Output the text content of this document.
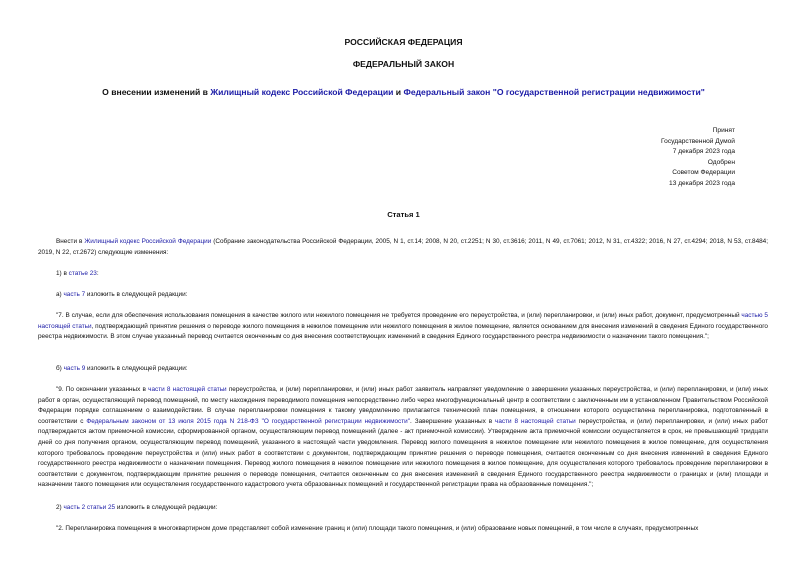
РОССИЙСКАЯ ФЕДЕРАЦИЯ
ФЕДЕРАЛЬНЫЙ ЗАКОН
О внесении изменений в Жилищный кодекс Российской Федерации и Федеральный закон "О государственной регистрации недвижимости"
Принят
Государственной Думой
7 декабря 2023 года
Одобрен
Советом Федерации
13 декабря 2023 года
Статья 1
Внести в Жилищный кодекс Российской Федерации (Собрание законодательства Российской Федерации, 2005, N 1, ст.14; 2008, N 20, ст.2251; N 30, ст.3616; 2011, N 49, ст.7061; 2012, N 31, ст.4322; 2016, N 27, ст.4294; 2018, N 53, ст.8484; 2019, N 22, ст.2672) следующие изменения:
1) в статье 23:
а) часть 7 изложить в следующей редакции:
"7. В случае, если для обеспечения использования помещения в качестве жилого или нежилого помещения не требуется проведение его переустройства, и (или) перепланировки, и (или) иных работ, документ, предусмотренный частью 5 настоящей статьи, подтверждающий принятие решения о переводе жилого помещения в нежилое помещение или нежилого помещения в жилое помещение, является основанием для внесения изменений в сведения Единого государственного реестра недвижимости. В этом случае указанный перевод считается оконченным со дня внесения соответствующих изменений в сведения Единого государственного реестра недвижимости о назначении такого помещения.";
б) часть 9 изложить в следующей редакции:
"9. По окончании указанных в части 8 настоящей статьи переустройства, и (или) перепланировки, и (или) иных работ заявитель направляет уведомление о завершении указанных переустройства, и (или) перепланировки, и (или) иных работ в орган, осуществляющий перевод помещений, по месту нахождения переводимого помещения непосредственно либо через многофункциональный центр в соответствии с заключенным им в установленном Правительством Российской Федерации порядке соглашением о взаимодействии. В случае перепланировки помещения к такому уведомлению прилагается технический план помещения, в отношении которого осуществлена перепланировка, подготовленный в соответствии с Федеральным законом от 13 июля 2015 года N 218-ФЗ "О государственной регистрации недвижимости". Завершение указанных в части 8 настоящей статьи переустройства, и (или) перепланировки, и (или) иных работ подтверждается актом приемочной комиссии, сформированной органом, осуществляющим перевод помещений (далее - акт приемочной комиссии). Утверждение акта приемочной комиссии осуществляется в срок, не превышающий тридцати дней со дня получения органом, осуществляющим перевод помещений, указанного в настоящей части уведомления. Перевод жилого помещения в нежилое помещение или нежилого помещения в жилое помещение, для осуществления которого требовалось проведение переустройства и (или) иных работ в соответствии с документом, подтверждающим принятие решения о переводе помещения, считается оконченным со дня внесения изменений в сведения Единого государственного реестра недвижимости о назначении помещения. Перевод жилого помещения в нежилое помещение или нежилого помещения в жилое помещение, для осуществления которого требовалось проведение перепланировки в соответствии с документом, подтверждающим принятие решения о переводе помещения, считается оконченным со дня внесения изменений в сведения Единого государственного реестра недвижимости о границах и (или) площади и назначении такого помещения или осуществления государственного кадастрового учета образованных помещений и государственной регистрации права на образованные помещения.";
2) часть 2 статьи 25 изложить в следующей редакции:
"2. Перепланировка помещения в многоквартирном доме представляет собой изменение границ и (или) площади такого помещения, и (или) образование новых помещений, в том числе в случаях, предусмотренных
